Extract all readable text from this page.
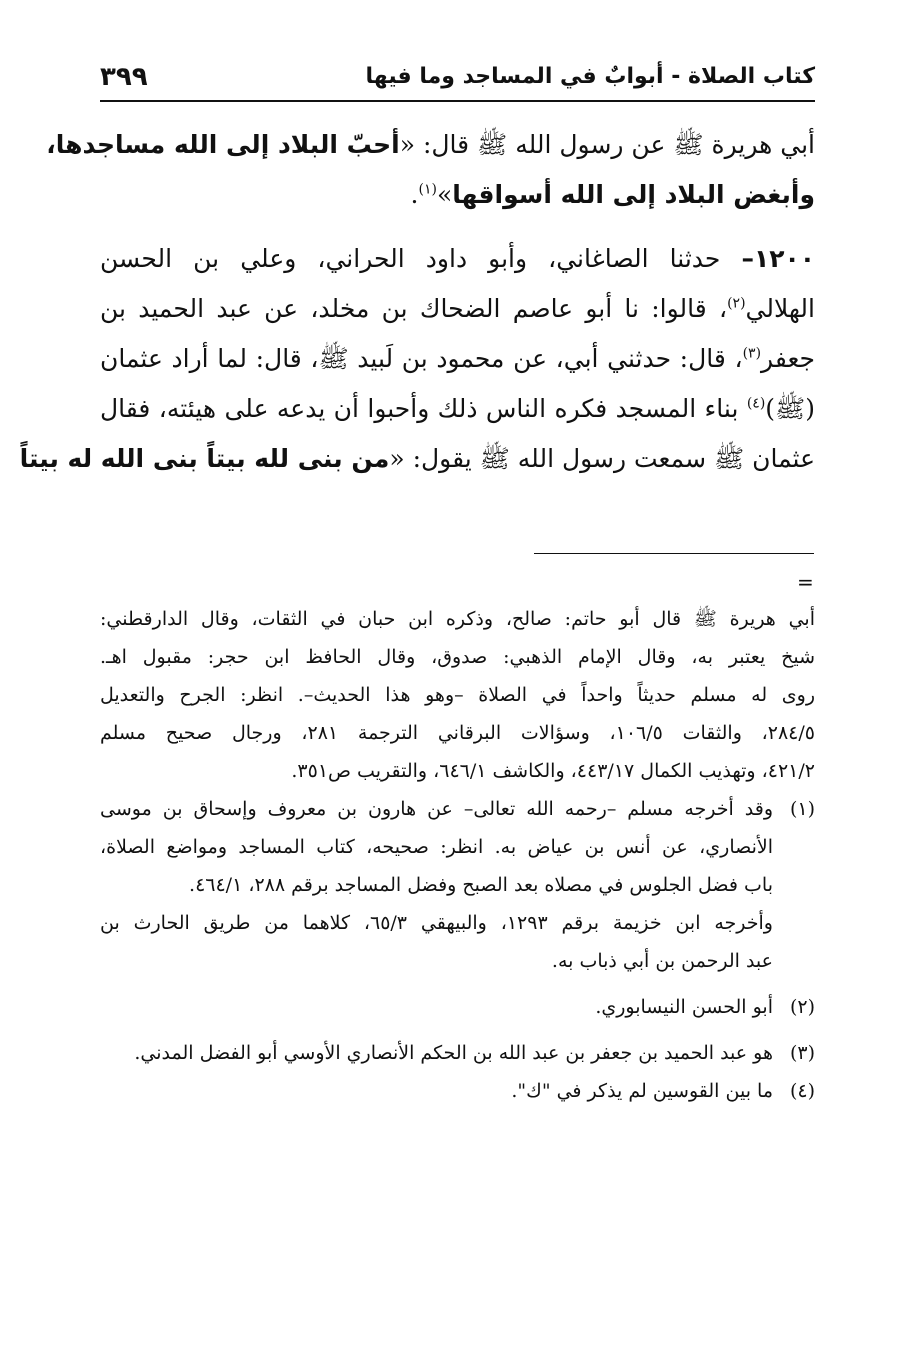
كتاب الصلاة - أبوابٌ في المساجد وما فيها
٣٩٩
أبي هريرة ﷺ عن رسول الله ﷺ قال: «أحبّ البلاد إلى الله مساجدها،
وأبغض البلاد إلى الله أسواقها»$^{(١)}$.
١٢٠٠– حدثنا الصاغاني، وأبو داود الحراني، وعلي بن الحسن
الهلالي$^{(٢)}$، قالوا: نا أبو عاصم الضحاك بن مخلد، عن عبد الحميد بن
جعفر$^{(٣)}$، قال: حدثني أبي، عن محمود بن لَبيد ﷺ، قال: لما أراد عثمان
(ﷺ)$^{(٤)}$ بناء المسجد فكره الناس ذلك وأحبوا أن يدعه على هيئته، فقال
عثمان ﷺ سمعت رسول الله ﷺ يقول: «من بنى لله بيتاً بنى الله له بيتاً
=
أبي هريرة ﷺ قال أبو حاتم: صالح، وذكره ابن حبان في الثقات، وقال الدارقطني:
شيخ يعتبر به، وقال الإمام الذهبي: صدوق، وقال الحافظ ابن حجر: مقبول اهـ.
روى له مسلم حديثاً واحداً في الصلاة –وهو هذا الحديث–. انظر: الجرح والتعديل
٢٨٤/٥، والثقات ١٠٦/٥، وسؤالات البرقاني الترجمة ٢٨١، ورجال صحيح مسلم
٤٢١/٢، وتهذيب الكمال ٤٤٣/١٧، والكاشف ٦٤٦/١، والتقريب ص٣٥١.
(١)وقد أخرجه مسلم –رحمه الله تعالى– عن هارون بن معروف وإسحاق بن موسى
الأنصاري، عن أنس بن عياض به. انظر: صحيحه، كتاب المساجد ومواضع الصلاة،
باب فضل الجلوس في مصلاه بعد الصبح وفضل المساجد برقم ٢٨٨، ٤٦٤/١.
وأخرجه ابن خزيمة برقم ١٢٩٣، والبيهقي ٦٥/٣، كلاهما من طريق الحارث بن
عبد الرحمن بن أبي ذباب به.
(٢)أبو الحسن النيسابوري.
(٣)هو عبد الحميد بن جعفر بن عبد الله بن الحكم الأنصاري الأوسي أبو الفضل المدني.
(٤)ما بين القوسين لم يذكر في "ك".
